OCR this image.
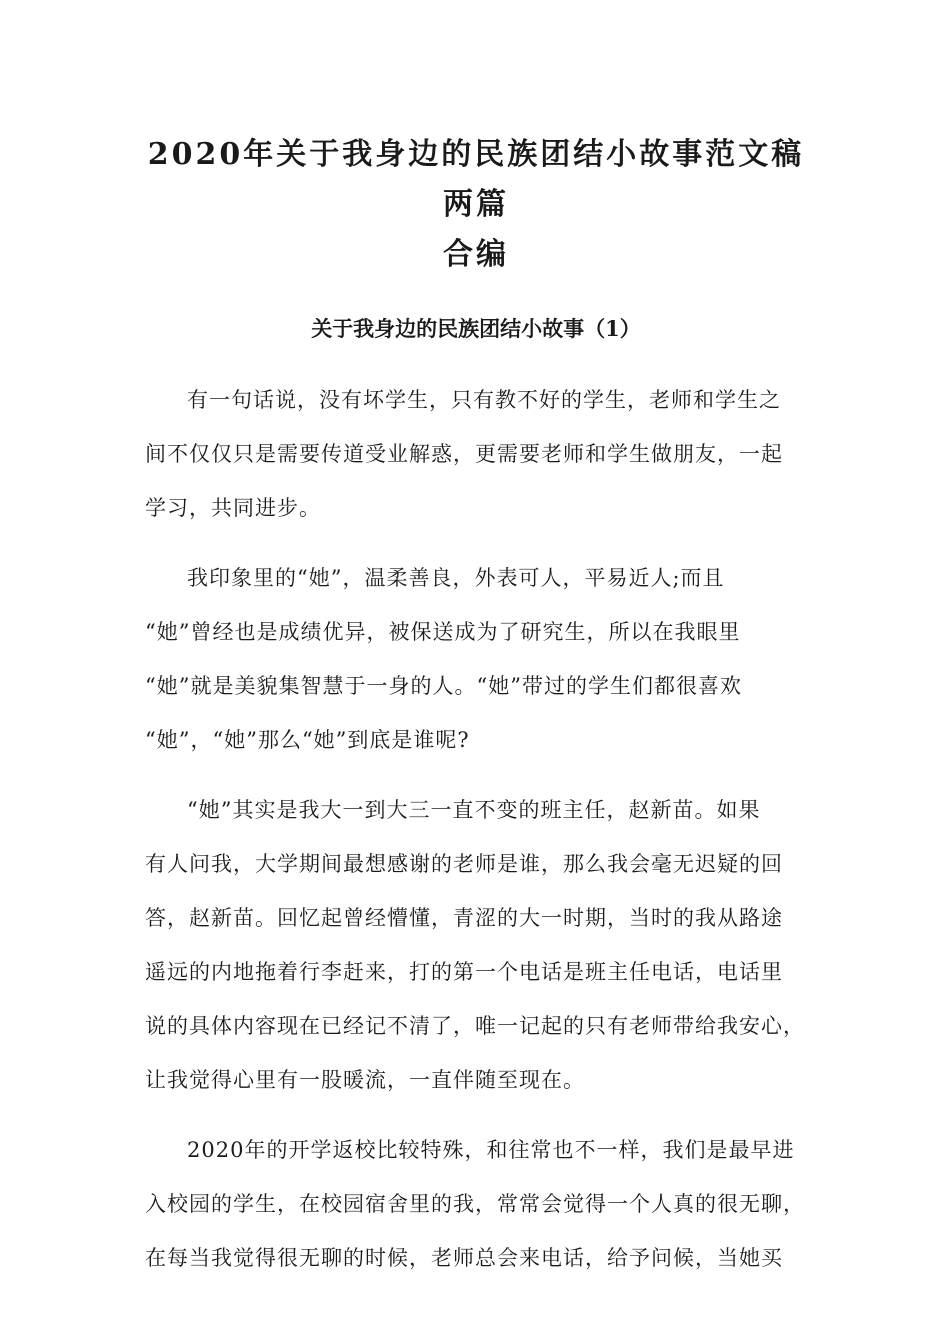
2020年关于我身边的民族团结小故事范文稿两篇
合编
关于我身边的民族团结小故事（1）
有一句话说，没有坏学生，只有教不好的学生，老师和学生之
间不仅仅只是需要传道受业解惑，更需要老师和学生做朋友，一起
学习，共同进步。
我印象里的“她”，温柔善良，外表可人，平易近人;而且
“她”曾经也是成绩优异，被保送成为了研究生，所以在我眼里
“她”就是美貌集智慧于一身的人。“她”带过的学生们都很喜欢
“她”，“她”那么“她”到底是谁呢?
“她”其实是我大一到大三一直不变的班主任，赵新苗。如果
有人问我，大学期间最想感谢的老师是谁，那么我会毫无迟疑的回
答，赵新苗。回忆起曾经懵懂，青涩的大一时期，当时的我从路途
遥远的内地拖着行李赶来，打的第一个电话是班主任电话，电话里
说的具体内容现在已经记不清了，唯一记起的只有老师带给我安心，
让我觉得心里有一股暖流，一直伴随至现在。
2020年的开学返校比较特殊，和往常也不一样，我们是最早进
入校园的学生，在校园宿舍里的我，常常会觉得一个人真的很无聊，
在每当我觉得很无聊的时候，老师总会来电话，给予问候，当她买
